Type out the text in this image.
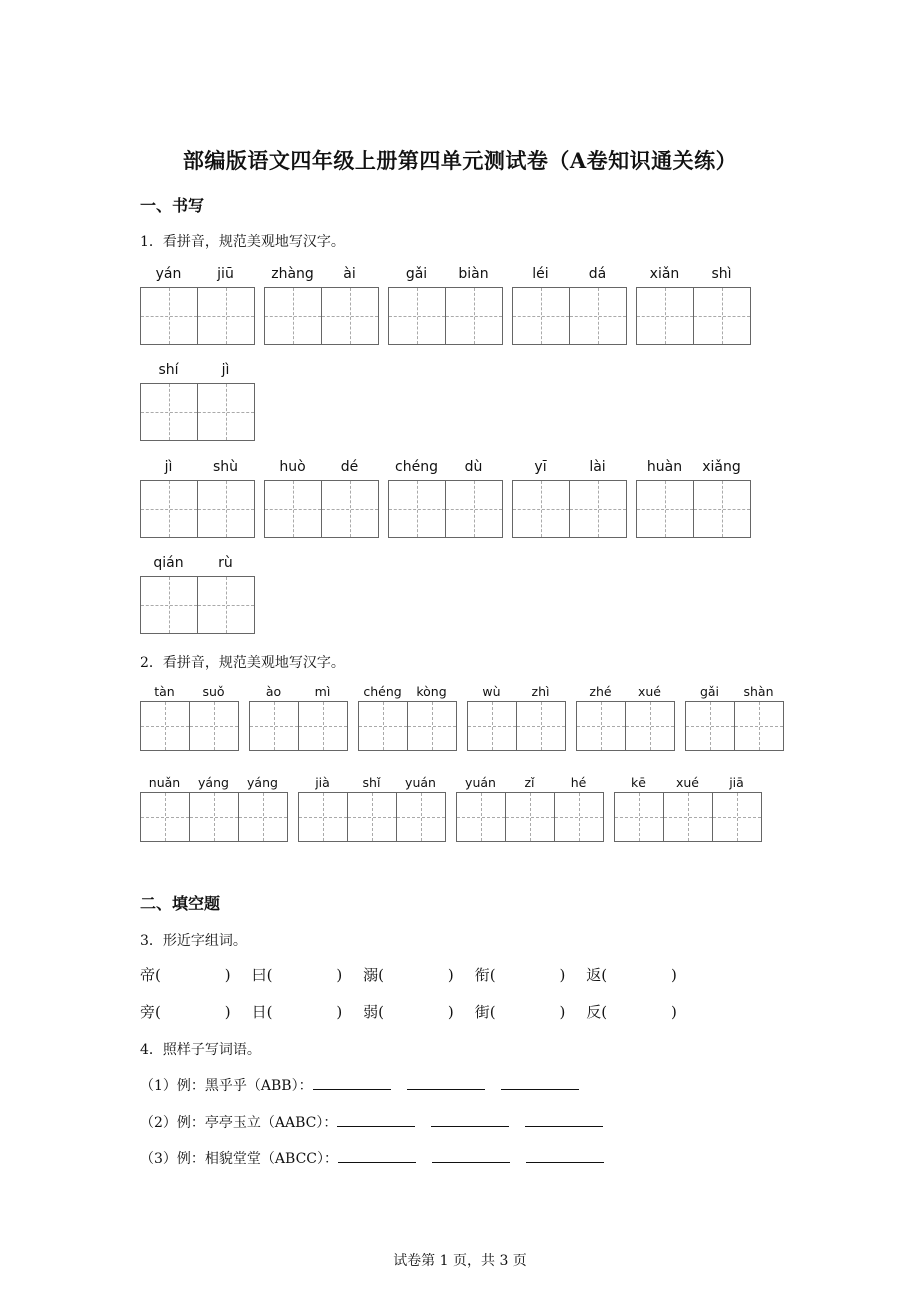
部编版语文四年级上册第四单元测试卷（A卷知识通关练）
一、书写
1．看拼音，规范美观地写汉字。
yán	jiū	zhàng	ài	gǎi	biàn	léi	dá	xiǎn	shì
shí	jì
jì	shù	huò	dé	chéng	dù	yī	lài	huàn	xiǎng
qián	rù
2．看拼音，规范美观地写汉字。
tàn	suǒ	ào	mì	chéng	kòng	wù	zhì	zhé	xué	gǎi	shàn
nuǎn	yáng	yáng	jià	shǐ	yuán	yuán	zǐ	hé	kē	xué	jiā
二、填空题
3．形近字组词。
帝(	) 曰(	) 溺(	) 衔(	) 返(	)
旁(	) 日(	) 弱(	) 街(	) 反(	)
4．照样子写词语。
（1）例：黑乎乎（ABB）：
（2）例：亭亭玉立（AABC）：
（3）例：相貌堂堂（ABCC）：
试卷第 1 页，共 3 页
